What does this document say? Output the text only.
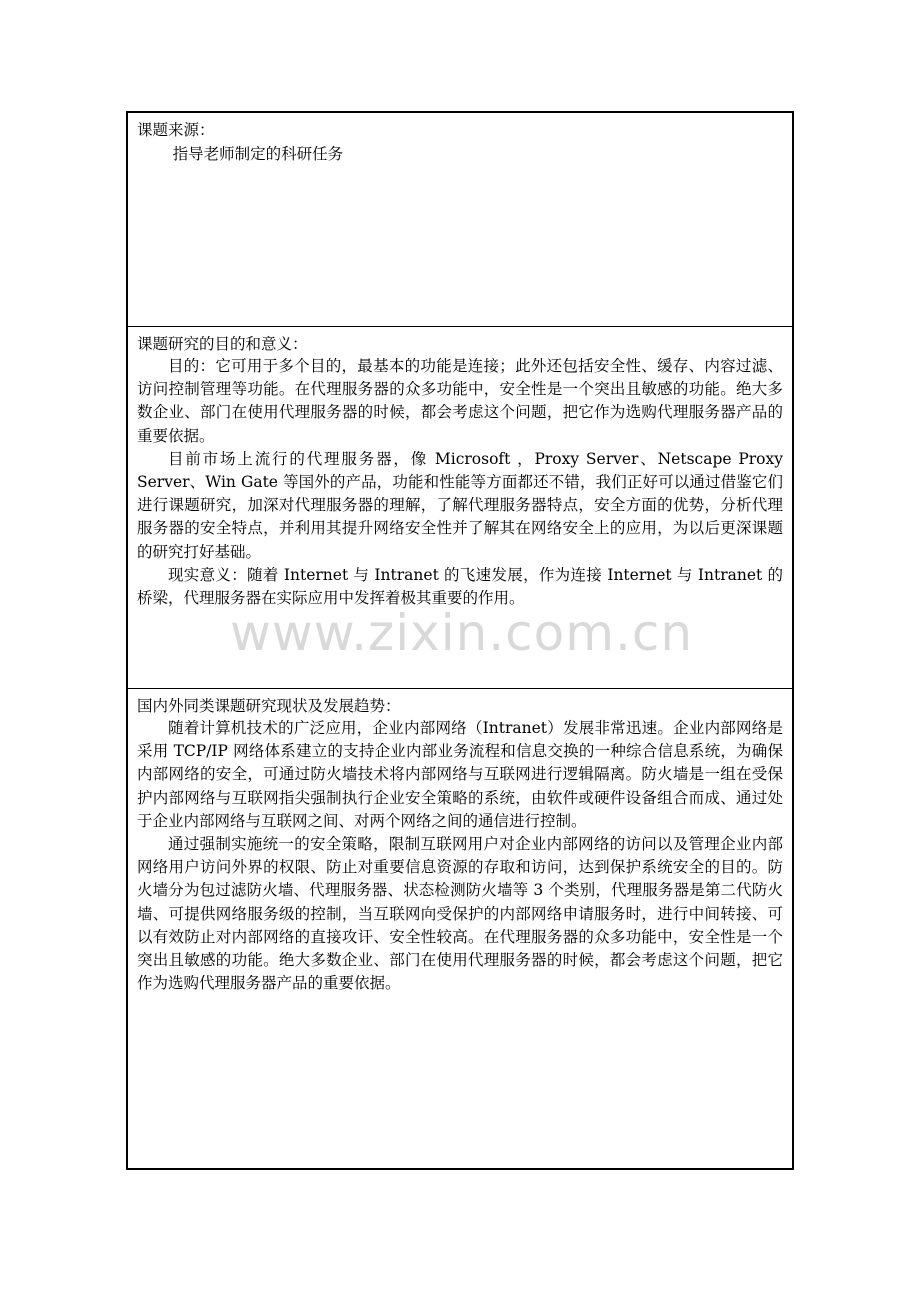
www.zixin.com.cn

课题来源：

指导老师制定的科研任务

课题研究的目的和意义：

目的：它可用于多个目的，最基本的功能是连接；此外还包括安全性、缓存、内容过滤、访问控制管理等功能。在代理服务器的众多功能中，安全性是一个突出且敏感的功能。绝大多数企业、部门在使用代理服务器的时候，都会考虑这个问题，把它作为选购代理服务器产品的重要依据。

目前市场上流行的代理服务器，像 Microsoft ，Proxy Server、Netscape Proxy Server、Win Gate 等国外的产品，功能和性能等方面都还不错，我们正好可以通过借鉴它们进行课题研究，加深对代理服务器的理解，了解代理服务器特点，安全方面的优势，分析代理服务器的安全特点，并利用其提升网络安全性并了解其在网络安全上的应用，为以后更深课题的研究打好基础。

现实意义：随着 Internet 与 Intranet 的飞速发展，作为连接 Internet 与 Intranet 的桥梁，代理服务器在实际应用中发挥着极其重要的作用。

国内外同类课题研究现状及发展趋势：

随着计算机技术的广泛应用，企业内部网络（Intranet）发展非常迅速。企业内部网络是采用 TCP/IP 网络体系建立的支持企业内部业务流程和信息交换的一种综合信息系统，为确保内部网络的安全，可通过防火墙技术将内部网络与互联网进行逻辑隔离。防火墙是一组在受保护内部网络与互联网指尖强制执行企业安全策略的系统，由软件或硬件设备组合而成、通过处于企业内部网络与互联网之间、对两个网络之间的通信进行控制。

通过强制实施统一的安全策略，限制互联网用户对企业内部网络的访问以及管理企业内部网络用户访问外界的权限、防止对重要信息资源的存取和访问，达到保护系统安全的目的。防火墙分为包过滤防火墙、代理服务器、状态检测防火墙等 3 个类别，代理服务器是第二代防火墙、可提供网络服务级的控制，当互联网向受保护的内部网络申请服务时，进行中间转接、可以有效防止对内部网络的直接攻讦、安全性较高。在代理服务器的众多功能中，安全性是一个突出且敏感的功能。绝大多数企业、部门在使用代理服务器的时候，都会考虑这个问题，把它作为选购代理服务器产品的重要依据。
